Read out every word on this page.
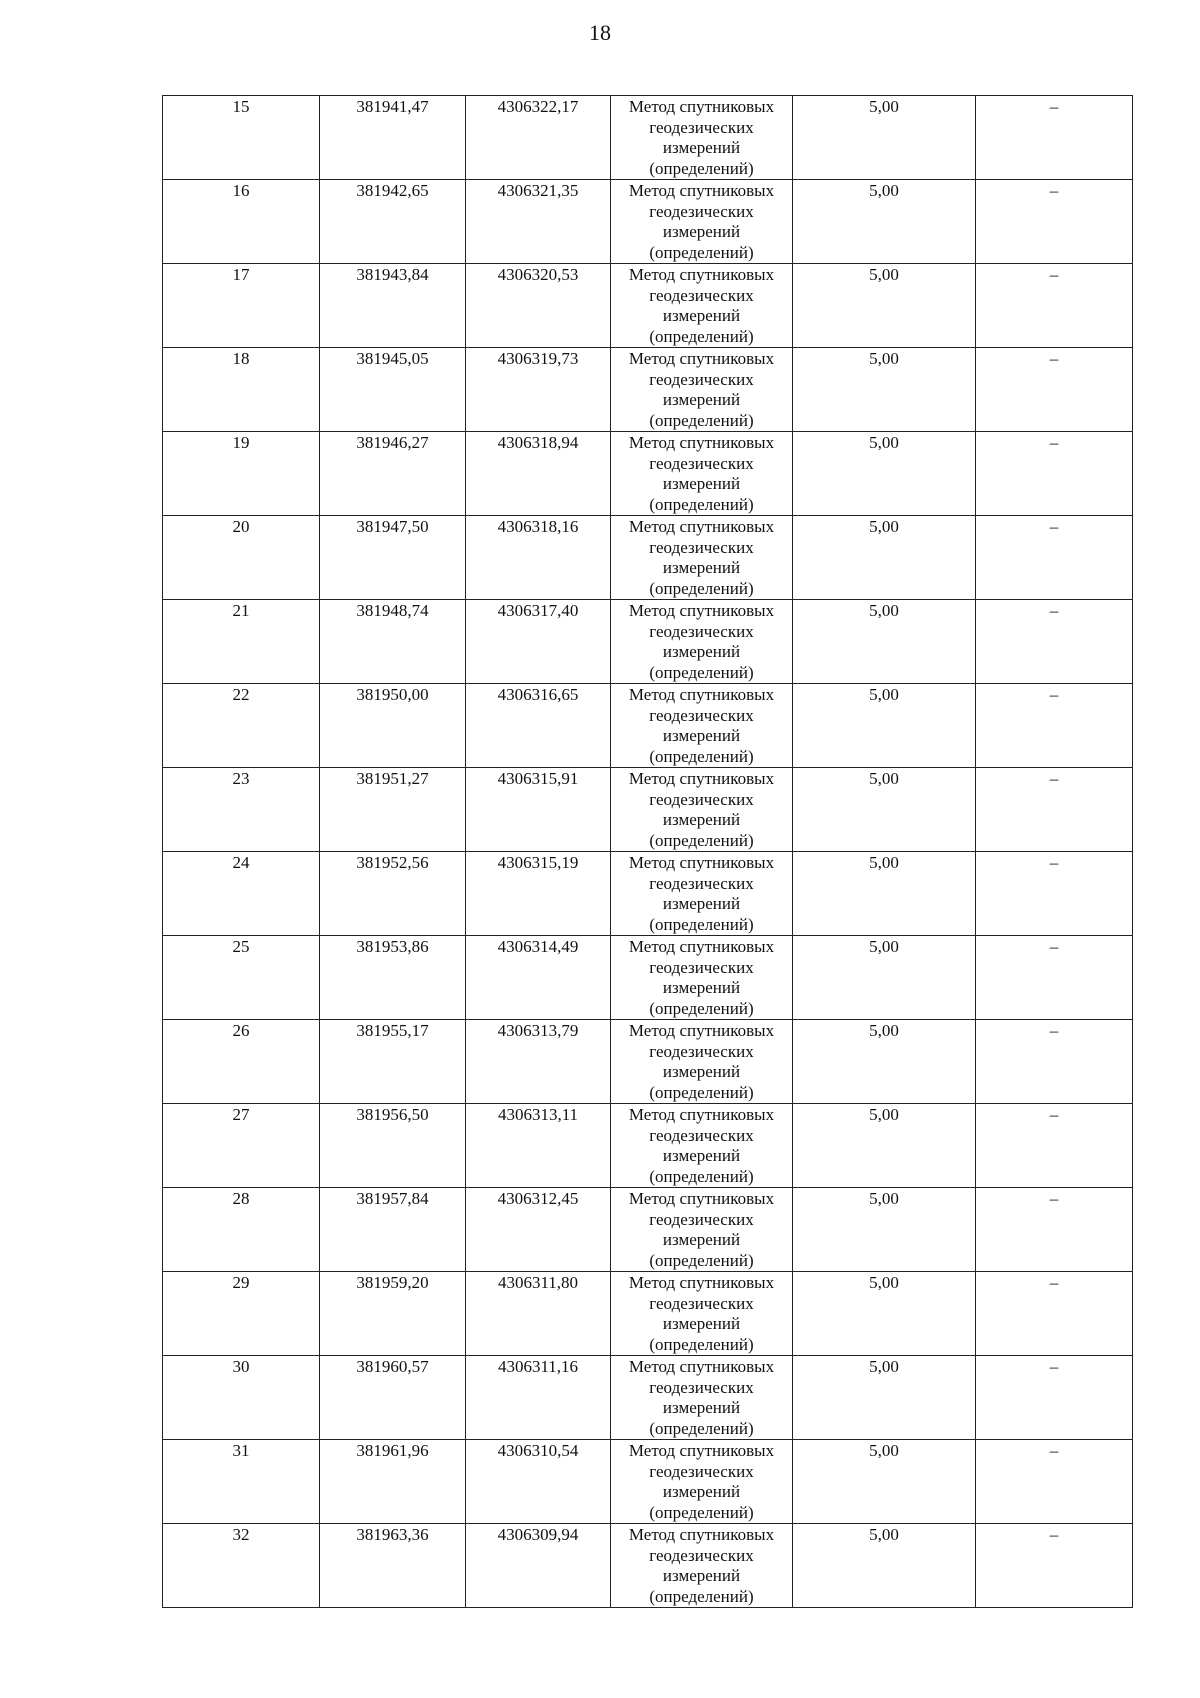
18
15	381941,47	4306322,17	Метод спутниковых геодезических измерений (определений)	5,00	–
16	381942,65	4306321,35	Метод спутниковых геодезических измерений (определений)	5,00	–
17	381943,84	4306320,53	Метод спутниковых геодезических измерений (определений)	5,00	–
18	381945,05	4306319,73	Метод спутниковых геодезических измерений (определений)	5,00	–
19	381946,27	4306318,94	Метод спутниковых геодезических измерений (определений)	5,00	–
20	381947,50	4306318,16	Метод спутниковых геодезических измерений (определений)	5,00	–
21	381948,74	4306317,40	Метод спутниковых геодезических измерений (определений)	5,00	–
22	381950,00	4306316,65	Метод спутниковых геодезических измерений (определений)	5,00	–
23	381951,27	4306315,91	Метод спутниковых геодезических измерений (определений)	5,00	–
24	381952,56	4306315,19	Метод спутниковых геодезических измерений (определений)	5,00	–
25	381953,86	4306314,49	Метод спутниковых геодезических измерений (определений)	5,00	–
26	381955,17	4306313,79	Метод спутниковых геодезических измерений (определений)	5,00	–
27	381956,50	4306313,11	Метод спутниковых геодезических измерений (определений)	5,00	–
28	381957,84	4306312,45	Метод спутниковых геодезических измерений (определений)	5,00	–
29	381959,20	4306311,80	Метод спутниковых геодезических измерений (определений)	5,00	–
30	381960,57	4306311,16	Метод спутниковых геодезических измерений (определений)	5,00	–
31	381961,96	4306310,54	Метод спутниковых геодезических измерений (определений)	5,00	–
32	381963,36	4306309,94	Метод спутниковых геодезических измерений (определений)	5,00	–
